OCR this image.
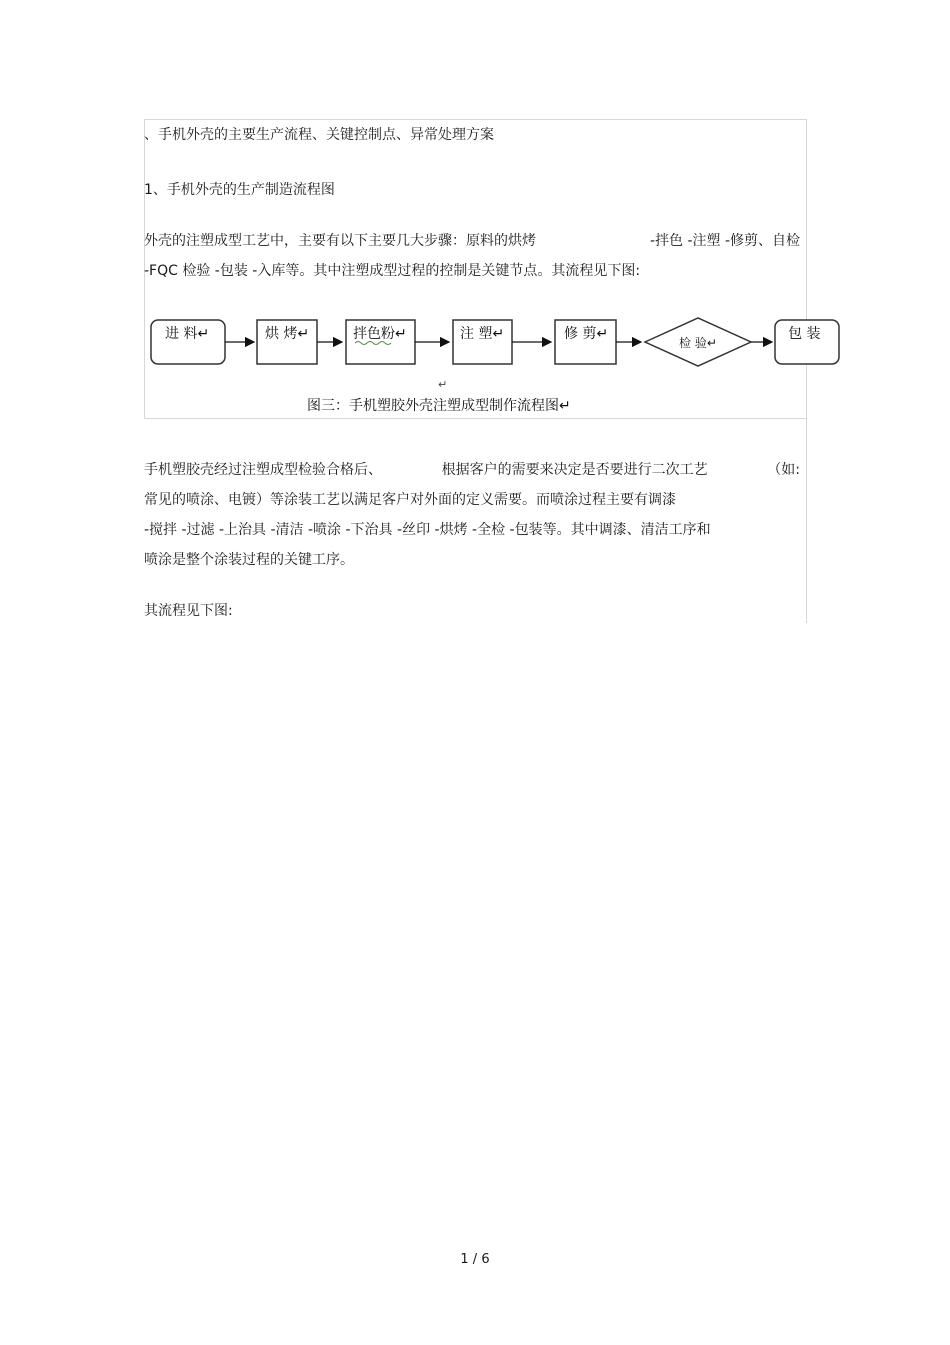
、手机外壳的主要生产流程、关键控制点、异常处理方案
1、手机外壳的生产制造流程图
外壳的注塑成型工艺中，主要有以下主要几大步骤：原料的烘烤	-拌色 -注塑 -修剪、自检
-FQC 检验 -包装 -入库等。其中注塑成型过程的控制是关键节点。其流程见下图:
进 料↵	烘 烤↵	拌色粉↵	注 塑↵	修 剪↵
检 验↵
包 装
↵
图三：手机塑胶外壳注塑成型制作流程图↵
手机塑胶壳经过注塑成型检验合格后、	根据客户的需要来决定是否要进行二次工艺	（如:
常见的喷涂、电镀）等涂装工艺以满足客户对外面的定义需要。而喷涂过程主要有调漆
-搅拌 -过滤 -上治具 -清洁 -喷涂 -下治具 -丝印 -烘烤 -全检 -包装等。其中调漆、清洁工序和
喷涂是整个涂装过程的关键工序。
其流程见下图:
1 / 6
